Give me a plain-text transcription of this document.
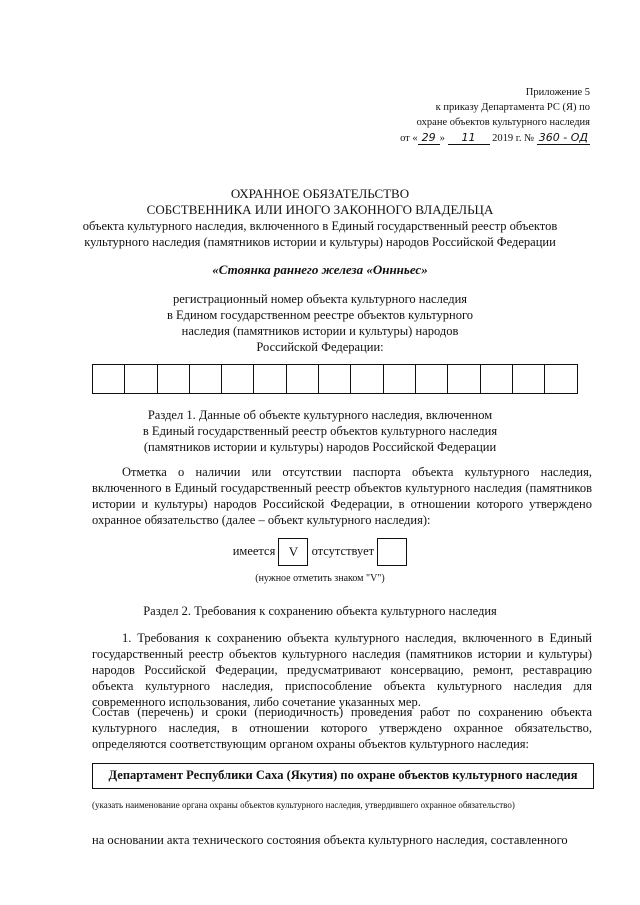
Приложение 5
к приказу Департамента РС (Я) по
охране объектов культурного наследия
от « 29 » 11 2019 г. № 360 - ОД
ОХРАННОЕ ОБЯЗАТЕЛЬСТВО
СОБСТВЕННИКА ИЛИ ИНОГО ЗАКОННОГО ВЛАДЕЛЬЦА
объекта культурного наследия, включенного в Единый государственный реестр объектов
культурного наследия (памятников истории и культуры) народов Российской Федерации
«Стоянка раннего железа «Оннньес»
регистрационный номер объекта культурного наследия
в Едином государственном реестре объектов культурного
наследия (памятников истории и культуры) народов
Российской Федерации:
Раздел 1. Данные об объекте культурного наследия, включенном
в Единый государственный реестр объектов культурного наследия
(памятников истории и культуры) народов Российской Федерации
Отметка о наличии или отсутствии паспорта объекта культурного наследия, включенного в Единый государственный реестр объектов культурного наследия (памятников истории и культуры) народов Российской Федерации, в отношении которого утверждено охранное обязательство (далее – объект культурного наследия):
имеется V отсутствует
(нужное отметить знаком "V")
Раздел 2. Требования к сохранению объекта культурного наследия
1. Требования к сохранению объекта культурного наследия, включенного в Единый государственный реестр объектов культурного наследия (памятников истории и культуры) народов Российской Федерации, предусматривают консервацию, ремонт, реставрацию объекта культурного наследия, приспособление объекта культурного наследия для современного использования, либо сочетание указанных мер.
Состав (перечень) и сроки (периодичность) проведения работ по сохранению объекта культурного наследия, в отношении которого утверждено охранное обязательство, определяются соответствующим органом охраны объектов культурного наследия:
Департамент Республики Саха (Якутия) по охране объектов культурного наследия
(указать наименование органа охраны объектов культурного наследия, утвердившего охранное обязательство)
на основании акта технического состояния объекта культурного наследия, составленного
